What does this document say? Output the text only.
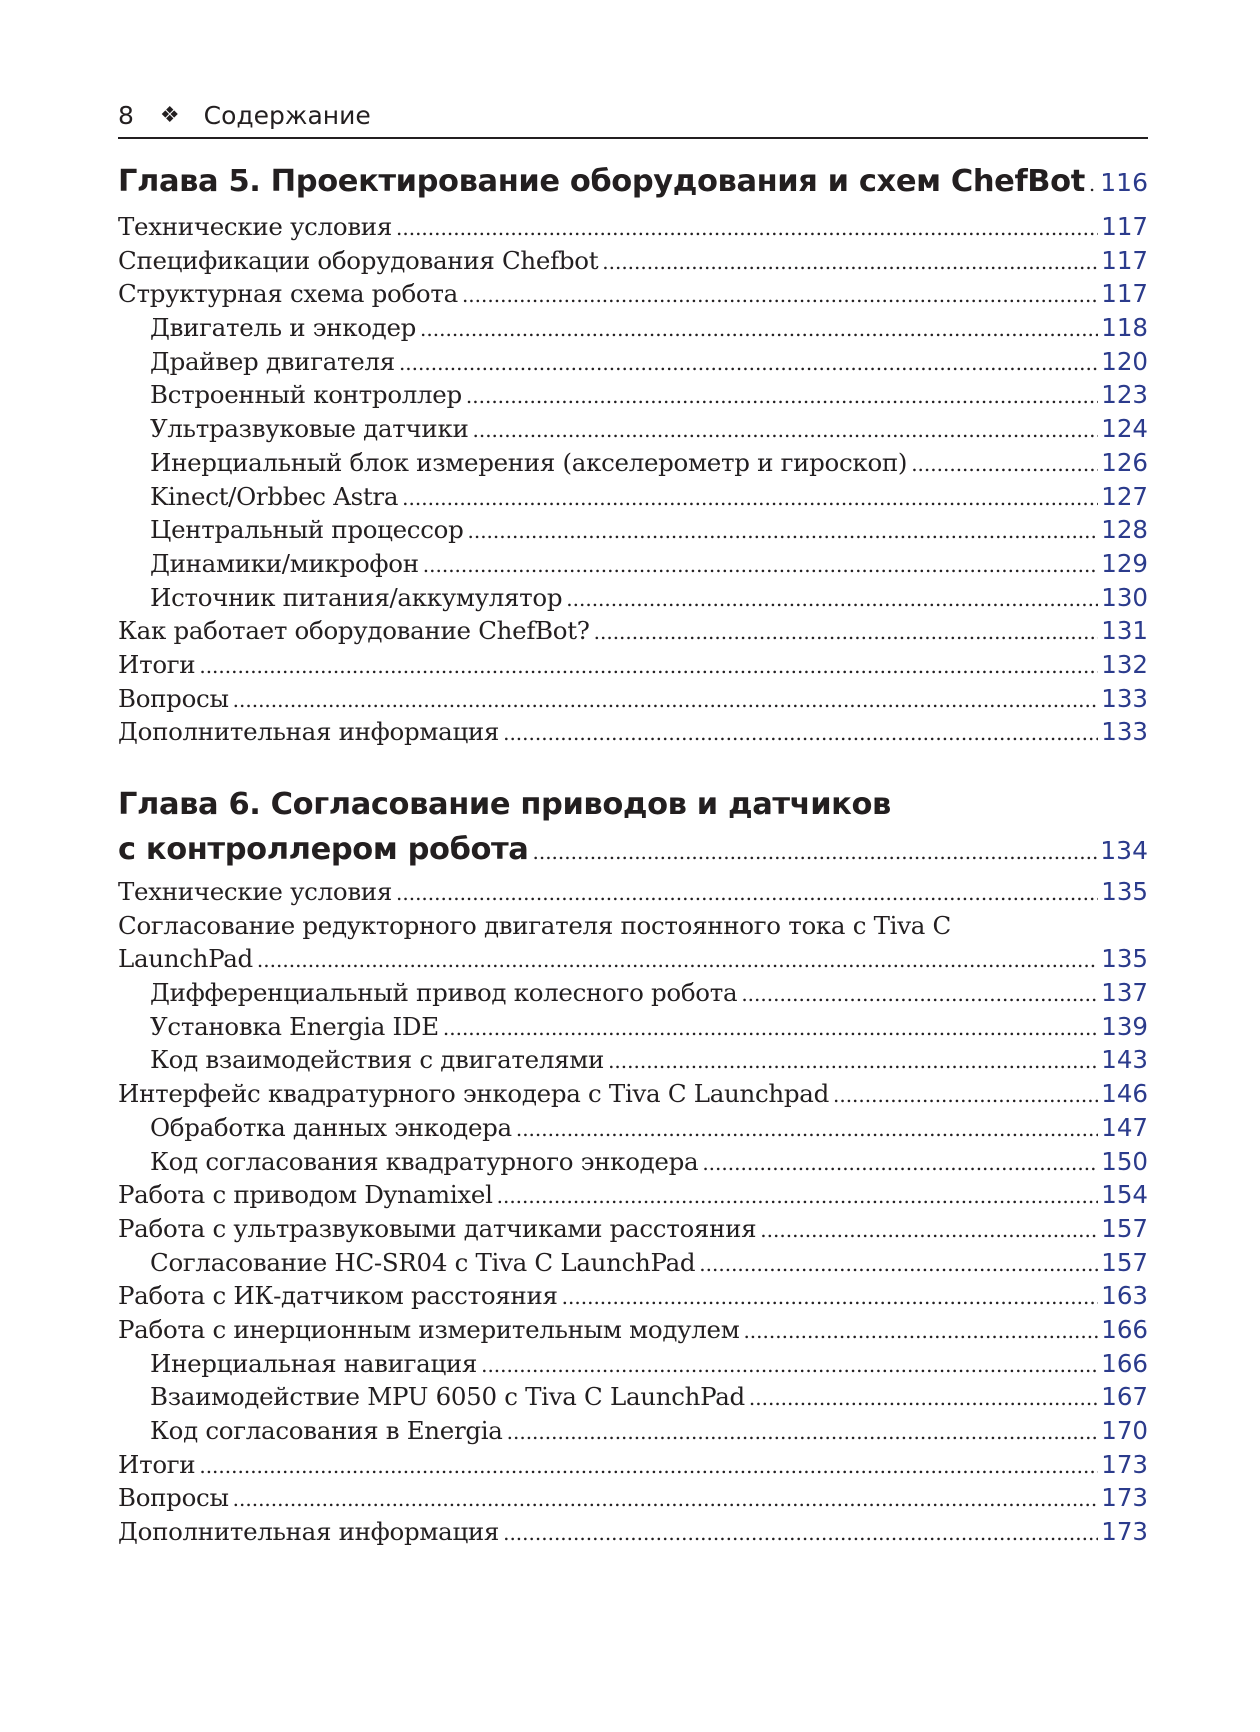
8 ❖ Содержание
Глава 5. Проектирование оборудования и схем ChefBot ..... 116
Технические условия .....	117
Спецификации оборудования Chefbot .....	117
Структурная схема робота .....	117
Двигатель и энкодер .....	118
Драйвер двигателя .....	120
Встроенный контроллер .....	123
Ультразвуковые датчики .....	124
Инерциальный блок измерения (акселерометр и гироскоп) .....	126
Kinect/Orbbec Astra .....	127
Центральный процессор .....	128
Динамики/микрофон .....	129
Источник питания/аккумулятор .....	130
Как работает оборудование ChefBot? .....	131
Итоги .....	132
Вопросы .....	133
Дополнительная информация .....	133
Глава 6. Согласование приводов и датчиков
с контроллером робота .....	134
Технические условия .....	135
Согласование редукторного двигателя постоянного тока с Tiva C
LaunchPad .....	135
Дифференциальный привод колесного робота .....	137
Установка Energia IDE .....	139
Код взаимодействия с двигателями .....	143
Интерфейс квадратурного энкодера с Tiva C Launchpad .....	146
Обработка данных энкодера .....	147
Код согласования квадратурного энкодера .....	150
Работа с приводом Dynamixel .....	154
Работа с ультразвуковыми датчиками расстояния .....	157
Согласование HC-SR04 с Tiva C LaunchPad .....	157
Работа с ИК-датчиком расстояния .....	163
Работа с инерционным измерительным модулем .....	166
Инерциальная навигация .....	166
Взаимодействие MPU 6050 с Tiva C LaunchPad .....	167
Код согласования в Energia .....	170
Итоги .....	173
Вопросы .....	173
Дополнительная информация .....	173
